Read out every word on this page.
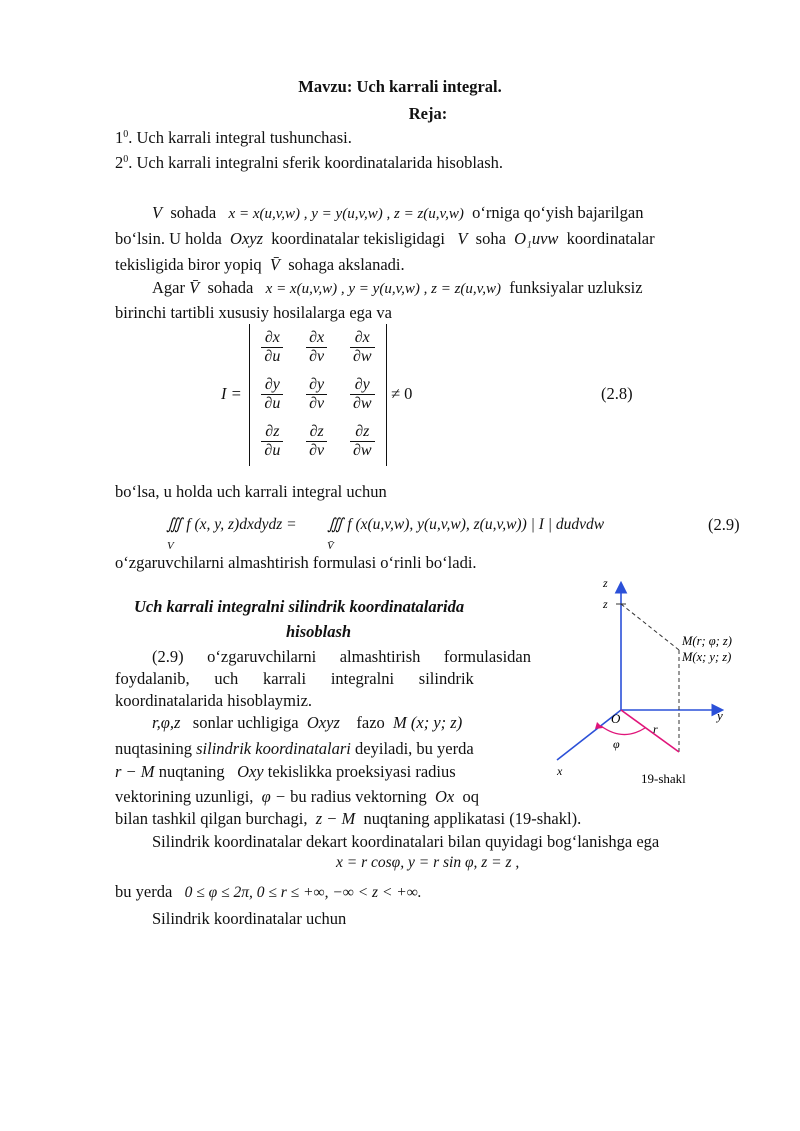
Mavzu: Uch karrali integral.
Reja:
$1^0$. Uch karrali integral tushunchasi.
$2^0$. Uch karrali integralni sferik koordinatalarida hisoblash.
V sohada x = x(u,v,w) , y = y(u,v,w) , z = z(u,v,w) o‘rniga qo‘yish bajarilgan
bo‘lsin. U holda Oxyz koordinatalar tekisligidagi V soha O₁uvw koordinatalar
tekisligida biror yopiq V̄ sohaga akslanadi.
Agar V̄ sohada x = x(u,v,w) , y = y(u,v,w) , z = z(u,v,w) funksiyalar uzluksiz
birinchi tartibli xususiy hosilalarga ega va
I =
$\frac{\partial x}{\partial u} \frac{\partial x}{\partial v} \frac{\partial x}{\partial w}$
$\frac{\partial y}{\partial u} \frac{\partial y}{\partial v} \frac{\partial y}{\partial w}$
$\frac{\partial z}{\partial u} \frac{\partial z}{\partial v} \frac{\partial z}{\partial w}$
≠ 0	(2.8)
bo‘lsa, u holda uch karrali integral uchun
∭ f (x, y, z)dxdydz = ∭ f (x(u,v,w), y(u,v,w), z(u,v,w)) | I | dudvdw
V	V̄
(2.9)
o‘zgaruvchilarni almashtirish formulasi o‘rinli bo‘ladi.
Uch karrali integralni silindrik koordinatalarida
hisoblash
(2.9) o‘zgaruvchilarni almashtirish formulasidan
foydalanib,      uch      karrali      integralni      silindrik
koordinatalarida hisoblaymiz.
r,φ,z sonlar uchligiga Oxyz fazo M (x; y; z)
nuqtasining silindrik koordinatalari deyiladi, bu yerda
r − M nuqtaning Oxy tekislikka proeksiyasi radius
vektorining uzunligi, φ − bu radius vektorning Ox oq
bilan tashkil qilgan burchagi, z − M nuqtaning applikatasi (19-shakl).
Silindrik koordinatalar dekart koordinatalari bilan quyidagi bog‘lanishga ega
x = r cosφ, y = r sin φ, z = z ,
bu yerda 0 ≤ φ ≤ 2π, 0 ≤ r ≤ +∞, −∞ < z < +∞.
Silindrik koordinatalar uchun
z
z
y
x
O
r
φ
M(r; φ; z)
M(x; y; z)
19-shakl
